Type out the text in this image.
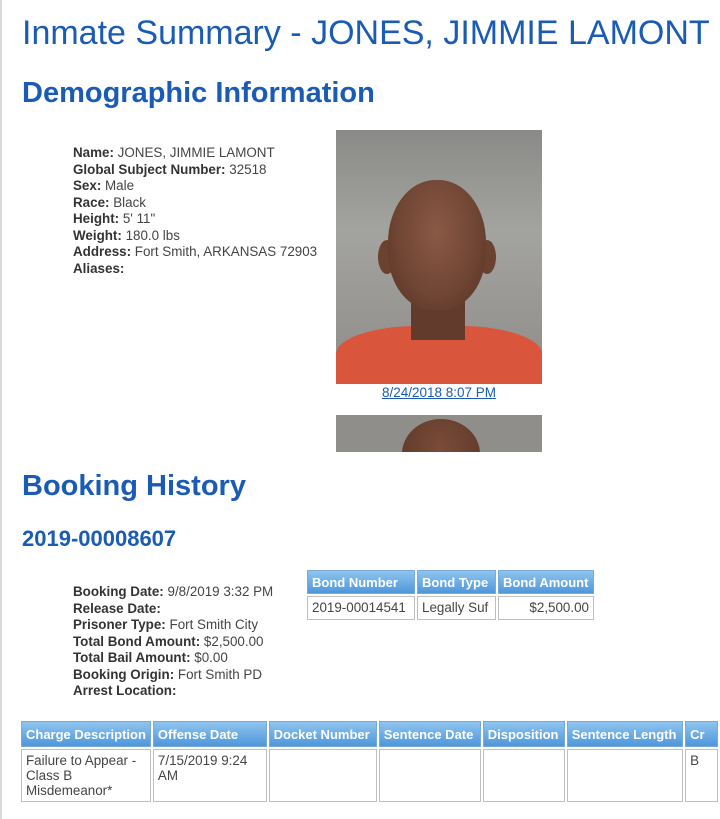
Inmate Summary - JONES, JIMMIE LAMONT
Demographic Information
Name: JONES, JIMMIE LAMONT
Global Subject Number: 32518
Sex: Male
Race: Black
Height: 5' 11"
Weight: 180.0 lbs
Address: Fort Smith, ARKANSAS 72903
Aliases:
8/24/2018 8:07 PM
Booking History
2019-00008607
Booking Date: 9/8/2019 3:32 PM
Release Date:
Prisoner Type: Fort Smith City
Total Bond Amount: $2,500.00
Total Bail Amount: $0.00
Booking Origin: Fort Smith PD
Arrest Location:
Bond Number	Bond Type	Bond Amount
2019-00014541	Legally Suf	$2,500.00
Charge Description	Offense Date	Docket Number	Sentence Date	Disposition	Sentence Length	Cr
Failure to Appear - Class B Misdemeanor*	7/15/2019 9:24 AM					B
